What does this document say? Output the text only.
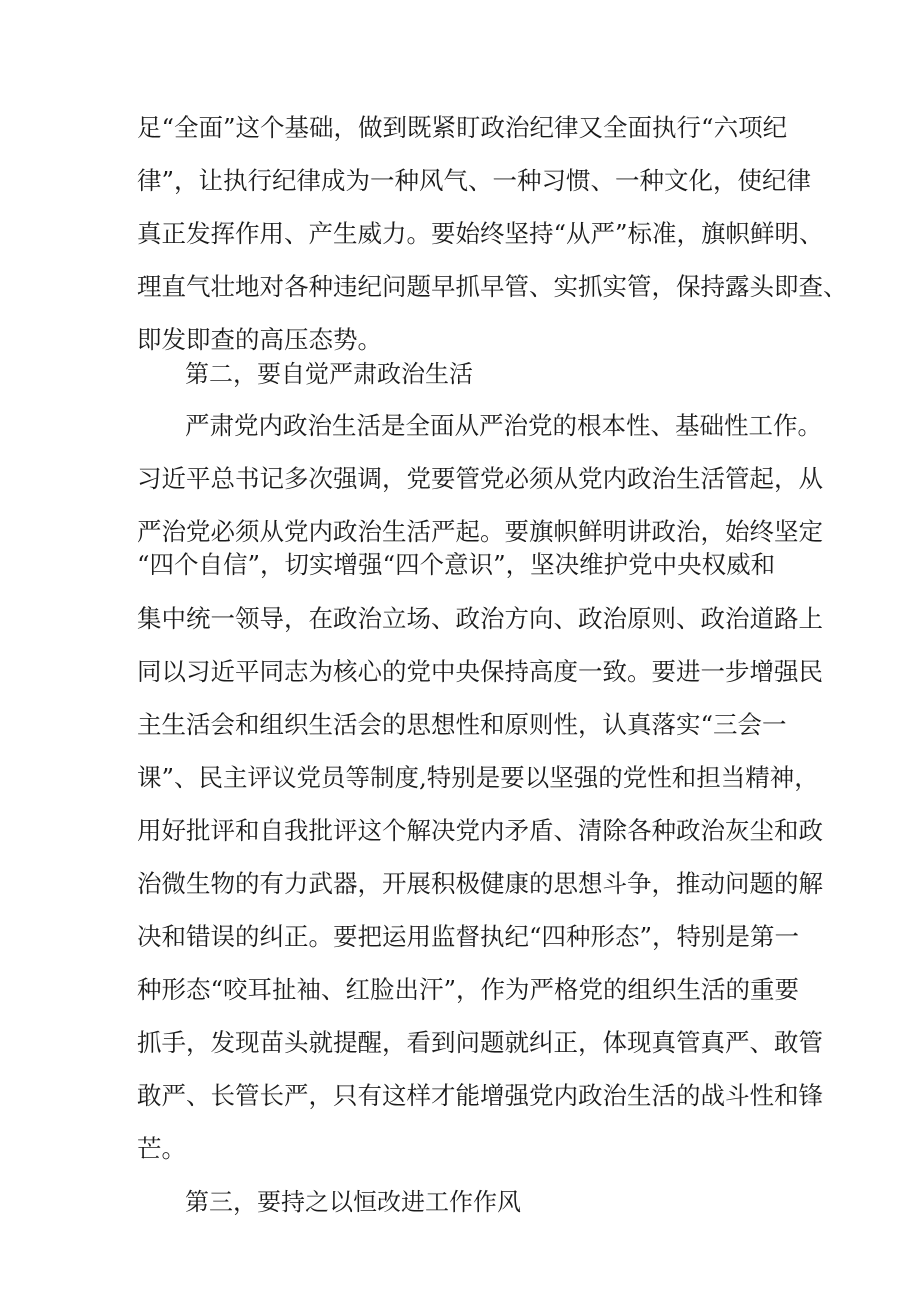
足“全面”这个基础，做到既紧盯政治纪律又全面执行“六项纪
律”，让执行纪律成为一种风气、一种习惯、一种文化，使纪律
真正发挥作用、产生威力。要始终坚持“从严”标准，旗帜鲜明、
理直气壮地对各种违纪问题早抓早管、实抓实管，保持露头即查、
即发即查的高压态势。
第二，要自觉严肃政治生活
严肃党内政治生活是全面从严治党的根本性、基础性工作。
习近平总书记多次强调，党要管党必须从党内政治生活管起，从
严治党必须从党内政治生活严起。要旗帜鲜明讲政治，始终坚定
“四个自信”，切实增强“四个意识”，坚决维护党中央权威和
集中统一领导，在政治立场、政治方向、政治原则、政治道路上
同以习近平同志为核心的党中央保持高度一致。要进一步增强民
主生活会和组织生活会的思想性和原则性，认真落实“三会一
课”、民主评议党员等制度,特别是要以坚强的党性和担当精神，
用好批评和自我批评这个解决党内矛盾、清除各种政治灰尘和政
治微生物的有力武器，开展积极健康的思想斗争，推动问题的解
决和错误的纠正。要把运用监督执纪“四种形态”，特别是第一
种形态“咬耳扯袖、红脸出汗”，作为严格党的组织生活的重要
抓手，发现苗头就提醒，看到问题就纠正，体现真管真严、敢管
敢严、长管长严，只有这样才能增强党内政治生活的战斗性和锋
芒。
第三，要持之以恒改进工作作风
